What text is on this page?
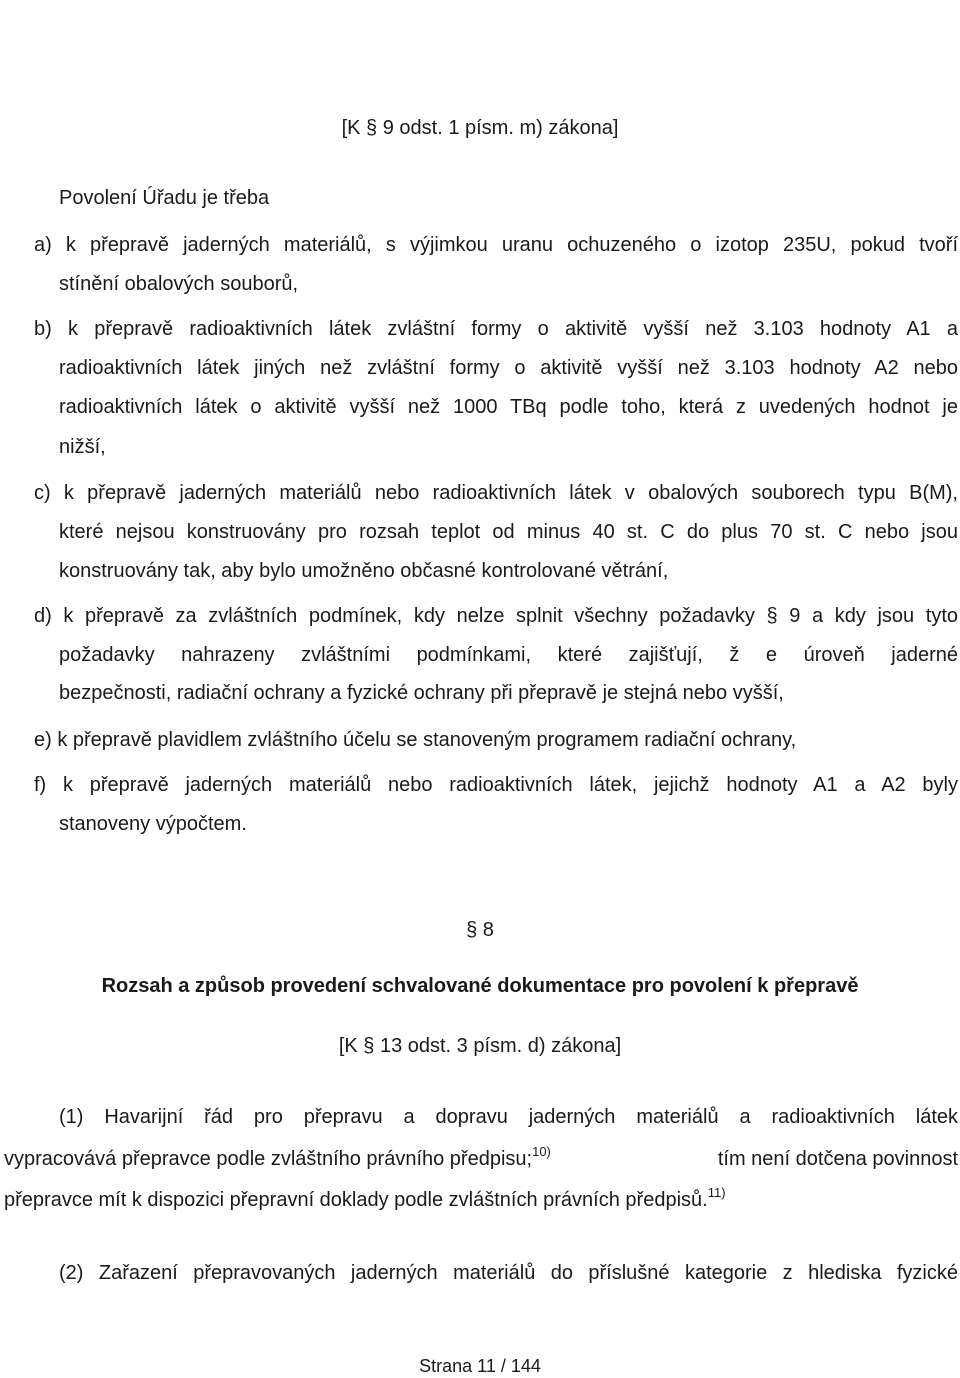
[K § 9 odst. 1 písm. m) zákona]
Povolení Úřadu je třeba
a) k přepravě jaderných materiálů, s výjimkou uranu ochuzeného o izotop 235U, pokud tvoří
stínění obalových souborů,
b) k přepravě radioaktivních látek zvláštní formy o aktivitě vyšší než 3.103 hodnoty A1 a
radioaktivních látek jiných než zvláštní formy o aktivitě vyšší než 3.103 hodnoty A2 nebo
radioaktivních látek o aktivitě vyšší než 1000 TBq podle toho, která z uvedených hodnot je
nižší,
c) k přepravě jaderných materiálů nebo radioaktivních látek v obalových souborech typu B(M),
které nejsou konstruovány pro rozsah teplot od minus 40 st. C do plus 70 st. C nebo jsou
konstruovány tak, aby bylo umožněno občasné kontrolované větrání,
d) k přepravě za zvláštních podmínek, kdy nelze splnit všechny požadavky § 9 a kdy jsou tyto
požadavky nahrazeny zvláštními podmínkami, které zajišťují, ž e úroveň jaderné
bezpečnosti, radiační ochrany a fyzické ochrany při přepravě je stejná nebo vyšší,
e) k přepravě plavidlem zvláštního účelu se stanoveným programem radiační ochrany,
f) k přepravě jaderných materiálů nebo radioaktivních látek, jejichž hodnoty A1 a A2 byly
stanoveny výpočtem.
§ 8
Rozsah a způsob provedení schvalované dokumentace pro povolení k přepravě
[K § 13 odst. 3 písm. d) zákona]
(1) Havarijní řád pro přepravu a dopravu jaderných materiálů a radioaktivních látek
vypracovává přepravce podle zvláštního právního předpisu;$^{10)}$	tím není dotčena povinnost
přepravce mít k dispozici přepravní doklady podle zvláštních právních předpisů.$^{11)}$
(2) Zařazení přepravovaných jaderných materiálů do příslušné kategorie z hlediska fyzické
Strana 11 / 144
